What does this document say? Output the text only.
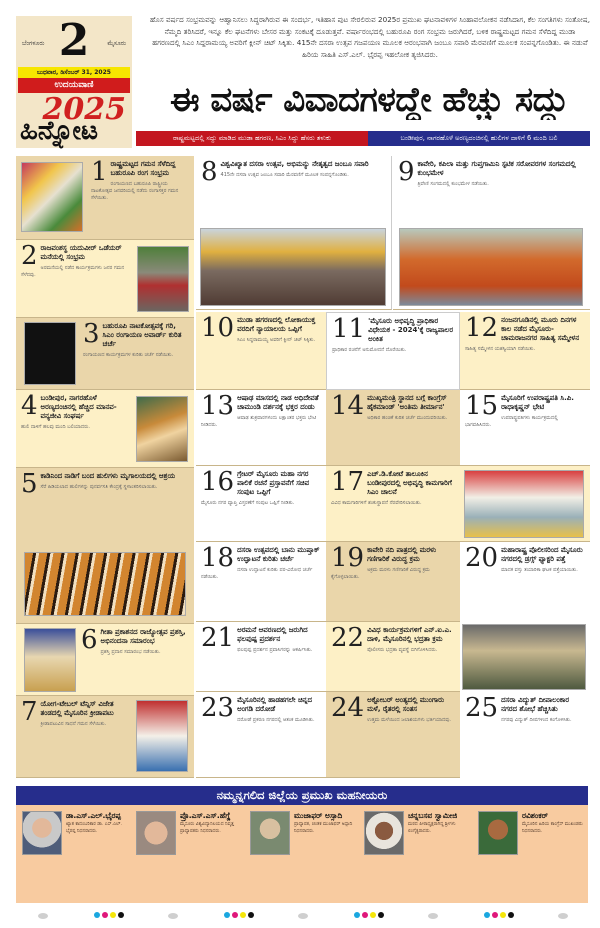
2
ಬೆಂಗಳೂರು	ಮೈಸೂರು
ಬುಧವಾರ, ಡಿಸೆಂಬರ್ 31, 2025
ಉದಯವಾಣಿ
2025
ಹಿನ್ನೋಟ
ಹೊಸ ವರ್ಷದ ಸಂಭ್ರಮವನ್ನು ಆಹ್ವಾನಿಸಲು ಸಿದ್ಧರಾಗಿರುವ ಈ ಸಂದರ್ಭ, ಇತಿಹಾಸ ಪುಟ ಸೇರಲಿರುವ 2025ರ ಪ್ರಮುಖ ಘಟನಾವಳಿಗಳ ಸಿಂಹಾವಲೋಕನ ನಡೆಸಿದಾಗ, ಕೆಲ ಸಂಗತಿಗಳು ಸಂತೋಷ, ನೆಮ್ಮದಿ ತರಿಸಿದರೆ, ಇನ್ನೂ ಕೆಲ ಘಟನೆಗಳು ಬೇಸರ ಮತ್ತು ಸಂಕಟಕ್ಕೆ ದೂಡುತ್ತವೆ. ವರ್ಷಾರಂಭದಲ್ಲಿ ಬಹುರೂಪಿ ರಂಗ ಸಂಭ್ರಮ ಜರುಗಿದರೆ, ಬಳಿಕ ರಾಷ್ಟ್ರಮಟ್ಟದ ಗಮನ ಸೆಳೆದಿದ್ದ ಮುಡಾ ಹಗರಣದಲ್ಲಿ ಸಿಎಂ ಸಿದ್ದರಾಮಯ್ಯ ಅವರಿಗೆ ಕ್ಲೀನ್ ಚಿಟ್ ಸಿಕ್ಕಿತು. 415ನೇ ದಸರಾ ಉತ್ಸವ ಗಜಪಯಣ ಮೂಲಕ ಆರಂಭವಾಗಿ ಜಂಬೂ ಸವಾರಿ ಮೆರವಣಿಗೆ ಮೂಲಕ ಸಂಪನ್ನಗೊಂಡಿತು. ಈ ನಡುವೆ ಹಿರಿಯ ಸಾಹಿತಿ ಎಸ್.ಎಲ್. ಭೈರಪ್ಪ ಇಹಲೋಕ ತ್ಯಜಿಸಿದರು.
ಈ ವರ್ಷ ವಿವಾದಗಳದ್ದೇ ಹೆಚ್ಚು ಸದ್ದು
ರಾಷ್ಟ್ರಮಟ್ಟದಲ್ಲಿ ಸದ್ದು ಮಾಡಿದ ಮುಡಾ ಹಗರಣ, ಸಿಎಂ ಸಿದ್ದು ಹೆಸರು ತಳುಕು	ಬಂಡೀಪುರ, ನಾಗರಹೊಳೆ ಅರಣ್ಯದಂಚಿನಲ್ಲಿ ಹುಲಿಗಳ ದಾಳಿಗೆ 6 ಮಂದಿ ಬಲಿ
1 ರಾಷ್ಟ್ರಮಟ್ಟದ ಗಮನ ಸೆಳೆದಿದ್ದ ಬಹುರೂಪಿ ರಂಗ ಸಂಭ್ರಮ
ರಂಗಾಯಣದ ಬಹುರೂಪಿ ರಾಷ್ಟ್ರೀಯ ನಾಟಕೋತ್ಸವ ಜನವರಿಯಲ್ಲಿ ನಡೆದು ರಂಗಾಸಕ್ತರ ಗಮನ ಸೆಳೆಯಿತು.
2 ರಾಜವಂಶಸ್ಥ ಯದುವೀರ್ ಒಡೆಯರ್ ಮನೆಯಲ್ಲಿ ಸಂಭ್ರಮ
ಅರಮನೆಯಲ್ಲಿ ನಡೆದ ಕಾರ್ಯಕ್ರಮಗಳು ಜನರ ಗಮನ ಸೆಳೆದವು.
3 ಬಹುರೂಪಿ ನಾಟಕೋತ್ಸವಕ್ಕೆ ಗರಿ, ಸಿಎಂ ರಂಗಾಯಣ ಅವಾರ್ಡ್ ಕುರಿತ ಚರ್ಚೆ
ರಂಗಾಯಣದ ಕಾರ್ಯಕ್ರಮಗಳ ಕುರಿತು ಚರ್ಚೆ ನಡೆಯಿತು.
4 ಬಂಡೀಪುರ, ನಾಗರಹೊಳೆ ಅರಣ್ಯದಂಚಿನಲ್ಲಿ ಹೆಚ್ಚಿದ ಮಾನವ-ವನ್ಯಜೀವಿ ಸಂಘರ್ಷ
ಹುಲಿ ದಾಳಿಗೆ ಹಲವು ಮಂದಿ ಬಲಿಯಾದರು.
5 ಕಾಡಿನಿಂದ ನಾಡಿಗೆ ಬಂದ ಹುಲಿಗಳು ಮೃಗಾಲಯದಲ್ಲಿ ಆಶ್ರಯ
ಸೆರೆ ಹಿಡಿಯಲಾದ ಹುಲಿಗಳನ್ನು ಪುನರ್ವಸತಿ ಕೇಂದ್ರಕ್ಕೆ ಸ್ಥಳಾಂತರಿಸಲಾಯಿತು.
6 ಗೀತಾ ಪ್ರಕಾಶನದ ರಾಜ್ಯೋತ್ಸವ ಪ್ರಶಸ್ತಿ, ಅಭಿನಂದನಾ ಸಮಾರಂಭ
ಪ್ರಶಸ್ತಿ ಪ್ರದಾನ ಸಮಾರಂಭ ನಡೆಯಿತು.
7 ಯೋಗ-ಟೇಬಲ್ ಟೆನ್ನಿಸ್ ವಿಜೇತ ತಂಡದಲ್ಲಿ ಮೈಸೂರಿನ ಕ್ರೀಡಾಪಟು
ಕ್ರೀಡಾಪಟುವಿನ ಸಾಧನೆ ಗಮನ ಸೆಳೆಯಿತು.
8 ವಿಶ್ವವಿಖ್ಯಾತ ದಸರಾ ಉತ್ಸವ, ಅಭಿಮನ್ಯು ನೇತೃತ್ವದ ಜಂಬೂ ಸವಾರಿ
415ನೇ ದಸರಾ ಉತ್ಸವ ಜಂಬೂ ಸವಾರಿ ಮೆರವಣಿಗೆ ಮೂಲಕ ಸಂಪನ್ನಗೊಂಡಿತು.	9 ಕಾವೇರಿ, ಕಪಿಲಾ ಮತ್ತು ಗುಪ್ತಗಾಮಿನಿ ಸ್ಫಟಿಕ ಸರೋವರಗಳ ಸಂಗಮದಲ್ಲಿ ಕುಂಭಮೇಳ
ತ್ರಿವೇಣಿ ಸಂಗಮದಲ್ಲಿ ಕುಂಭಮೇಳ ನಡೆಯಿತು.
10 ಮುಡಾ ಹಗರಣದಲ್ಲಿ ಲೋಕಾಯುಕ್ತ ವರದಿಗೆ ನ್ಯಾಯಾಲಯ ಒಪ್ಪಿಗೆ
ಸಿಎಂ ಸಿದ್ದರಾಮಯ್ಯ ಅವರಿಗೆ ಕ್ಲೀನ್ ಚಿಟ್ ಸಿಕ್ಕಿತು. 11 'ಮೈಸೂರು ಅಭಿವೃದ್ಧಿ ಪ್ರಾಧಿಕಾರ ವಿಧೇಯಕ - 2024'ಕ್ಕೆ ರಾಜ್ಯಪಾಲರ ಅಂಕಿತ
ಪ್ರಾಧಿಕಾರ ರಚನೆಗೆ ಅನುಮೋದನೆ ದೊರೆಯಿತು.
12 ನಂಜನಗೂಡಿನಲ್ಲಿ ಮೂರು ದಿನಗಳ ಕಾಲ ನಡೆದ ಮೈಸೂರು-ಚಾಮರಾಜನಗರ ಸಾಹಿತ್ಯ ಸಮ್ಮೇಳನ
ಸಾಹಿತ್ಯ ಸಮ್ಮೇಳನ ಯಶಸ್ವಿಯಾಗಿ ನಡೆಯಿತು.
13 ಆಷಾಢ ಮಾಸದಲ್ಲಿ ನಾಡ ಅಧಿದೇವತೆ ಚಾಮುಂಡಿ ದರ್ಶನಕ್ಕೆ ಭಕ್ತರ ದಂಡು
ಆಷಾಢ ಶುಕ್ರವಾರಗಳಂದು ಲಕ್ಷಾಂತರ ಭಕ್ತರು ಭೇಟಿ ನೀಡಿದರು.
14 ಮುಖ್ಯಮಂತ್ರಿ ಸ್ಥಾನದ ಬಗ್ಗೆ ಕಾಂಗ್ರೆಸ್ ಹೈಕಮಾಂಡ್ 'ಅಂತಿಮ ತೀರ್ಮಾನ'
ಅಧಿಕಾರ ಹಂಚಿಕೆ ಕುರಿತ ಚರ್ಚೆ ಮುಂದುವರಿಯಿತು. 15 ಮೈಸೂರಿಗೆ ಉಪರಾಷ್ಟ್ರಪತಿ ಸಿ.ಪಿ. ರಾಧಾಕೃಷ್ಣನ್ ಭೇಟಿ
ಉಪರಾಷ್ಟ್ರಪತಿಗಳು ಕಾರ್ಯಕ್ರಮದಲ್ಲಿ ಭಾಗವಹಿಸಿದರು.
16 ಗ್ರೇಟರ್ ಮೈಸೂರು ಮಹಾ ನಗರ ಪಾಲಿಕೆ ರಚನೆ ಪ್ರಸ್ತಾವನೆಗೆ ಸಚಿವ ಸಂಪುಟ ಒಪ್ಪಿಗೆ
ಮೈಸೂರು ನಗರ ವ್ಯಾಪ್ತಿ ವಿಸ್ತರಣೆಗೆ ಸಂಪುಟ ಒಪ್ಪಿಗೆ ನೀಡಿತು.
17 ಎಚ್.ಡಿ.ಕೋಟೆ ತಾಲೂಕಿನ ಬಂಡೀಪುರದಲ್ಲಿ ಅಭಿವೃದ್ಧಿ ಕಾಮಗಾರಿಗೆ ಸಿಎಂ ಚಾಲನೆ
ವಿವಿಧ ಕಾಮಗಾರಿಗಳಿಗೆ ಶಂಕುಸ್ಥಾಪನೆ ನೆರವೇರಿಸಲಾಯಿತು.
18 ದಸರಾ ಉತ್ಸವದಲ್ಲಿ ಬಾನು ಮುಷ್ತಾಕ್ ಉದ್ಘಾಟನೆ ಕುರಿತು ಚರ್ಚೆ
ದಸರಾ ಉದ್ಘಾಟನೆ ಕುರಿತು ಪರ-ವಿರೋಧ ಚರ್ಚೆ ನಡೆಯಿತು.
19 ಕಾವೇರಿ ನದಿ ಪಾತ್ರದಲ್ಲಿ ಮರಳು ಗಣಿಗಾರಿಕೆ ವಿರುದ್ಧ ಕ್ರಮ
ಅಕ್ರಮ ಮರಳು ಗಣಿಗಾರಿಕೆ ವಿರುದ್ಧ ಕ್ರಮ ಕೈಗೊಳ್ಳಲಾಯಿತು.
20 ಮಹಾರಾಷ್ಟ್ರ ಪೊಲೀಸರಿಂದ ಮೈಸೂರು ನಗರದಲ್ಲಿ ಡ್ರಗ್ಸ್ ಫ್ಯಾಕ್ಟರಿ ಪತ್ತೆ
ಮಾದಕ ವಸ್ತು ತಯಾರಿಕಾ ಘಟಕ ಪತ್ತೆಯಾಯಿತು.
21 ಅರಮನೆ ಆವರಣದಲ್ಲಿ ಜರುಗಿದ ಫಲಪುಷ್ಪ ಪ್ರದರ್ಶನ
ಫಲಪುಷ್ಪ ಪ್ರದರ್ಶನ ಪ್ರವಾಸಿಗರನ್ನು ಆಕರ್ಷಿಸಿತು. 22 ವಿವಿಧ ಕಾರ್ಯಕ್ರಮಗಳಿಗೆ ಎನ್.ಐ.ಎ. ದಾಳಿ, ಮೈಸೂರಿನಲ್ಲಿ ಭದ್ರತಾ ಕ್ರಮ
ಪೊಲೀಸರು ಭದ್ರತಾ ವ್ಯವಸ್ಥೆ ಬಿಗಿಗೊಳಿಸಿದರು.
23 ಮೈಸೂರಿನಲ್ಲಿ ಹಾಡಹಗಲೇ ಚಿನ್ನದ ಅಂಗಡಿ ದರೋಡೆ
ದರೋಡೆ ಪ್ರಕರಣ ನಗರದಲ್ಲಿ ಆತಂಕ ಮೂಡಿಸಿತು. 24 ಅಕ್ಟೋಬರ್ ಅಂತ್ಯದಲ್ಲಿ ಮುಂಗಾರು ಮಳೆ, ರೈತರಲ್ಲಿ ಸಂತಸ
ಉತ್ತಮ ಮಳೆಯಿಂದ ಜಲಾಶಯಗಳು ಭರ್ತಿಯಾದವು. 25 ದಸರಾ ವಿದ್ಯುತ್ ದೀಪಾಲಂಕಾರ ನಗರದ ಶೋಭೆ ಹೆಚ್ಚಿಸಿತು
ನಗರವು ವಿದ್ಯುತ್ ದೀಪಗಳಿಂದ ಕಂಗೊಳಿಸಿತು.
ನಮ್ಮನ್ನಗಲಿದ ಜಿಲ್ಲೆಯ ಪ್ರಮುಖ ಮಹನೀಯರು
ಡಾ.ಎಸ್.ಎಲ್.ಭೈರಪ್ಪ
ಖ್ಯಾತ ಕಾದಂಬರಿಕಾರ ಡಾ. ಎಸ್.ಎಲ್. ಭೈರಪ್ಪ ನಿಧನರಾದರು.
ಪ್ರೊ.ಎಸ್.ಎಸ್.ಹೆಗ್ಡೆ
ಮೈಸೂರು ವಿಶ್ವವಿದ್ಯಾನಿಲಯದ ನಿವೃತ್ತ ಪ್ರಾಧ್ಯಾಪಕರು ನಿಧನರಾದರು.
ಮುಜಾಫರ್ ಅಸ್ಸಾದಿ
ಪ್ರಾಧ್ಯಾಪಕ, ಚಿಂತಕ ಮುಜಾಫರ್ ಅಸ್ಸಾದಿ ನಿಧನರಾದರು.
ಚನ್ನಬಸವ ಸ್ವಾಮೀಜಿ
ಮಠದ ಪೀಠಾಧ್ಯಕ್ಷರಾಗಿದ್ದ ಶ್ರೀಗಳು ಲಿಂಗೈಕ್ಯರಾದರು.
ರವಿಶಂಕರ್
ಮೈಸೂರಿನ ಹಿರಿಯ ಕಾಂಗ್ರೆಸ್ ಮುಖಂಡರು ನಿಧನರಾದರು.
